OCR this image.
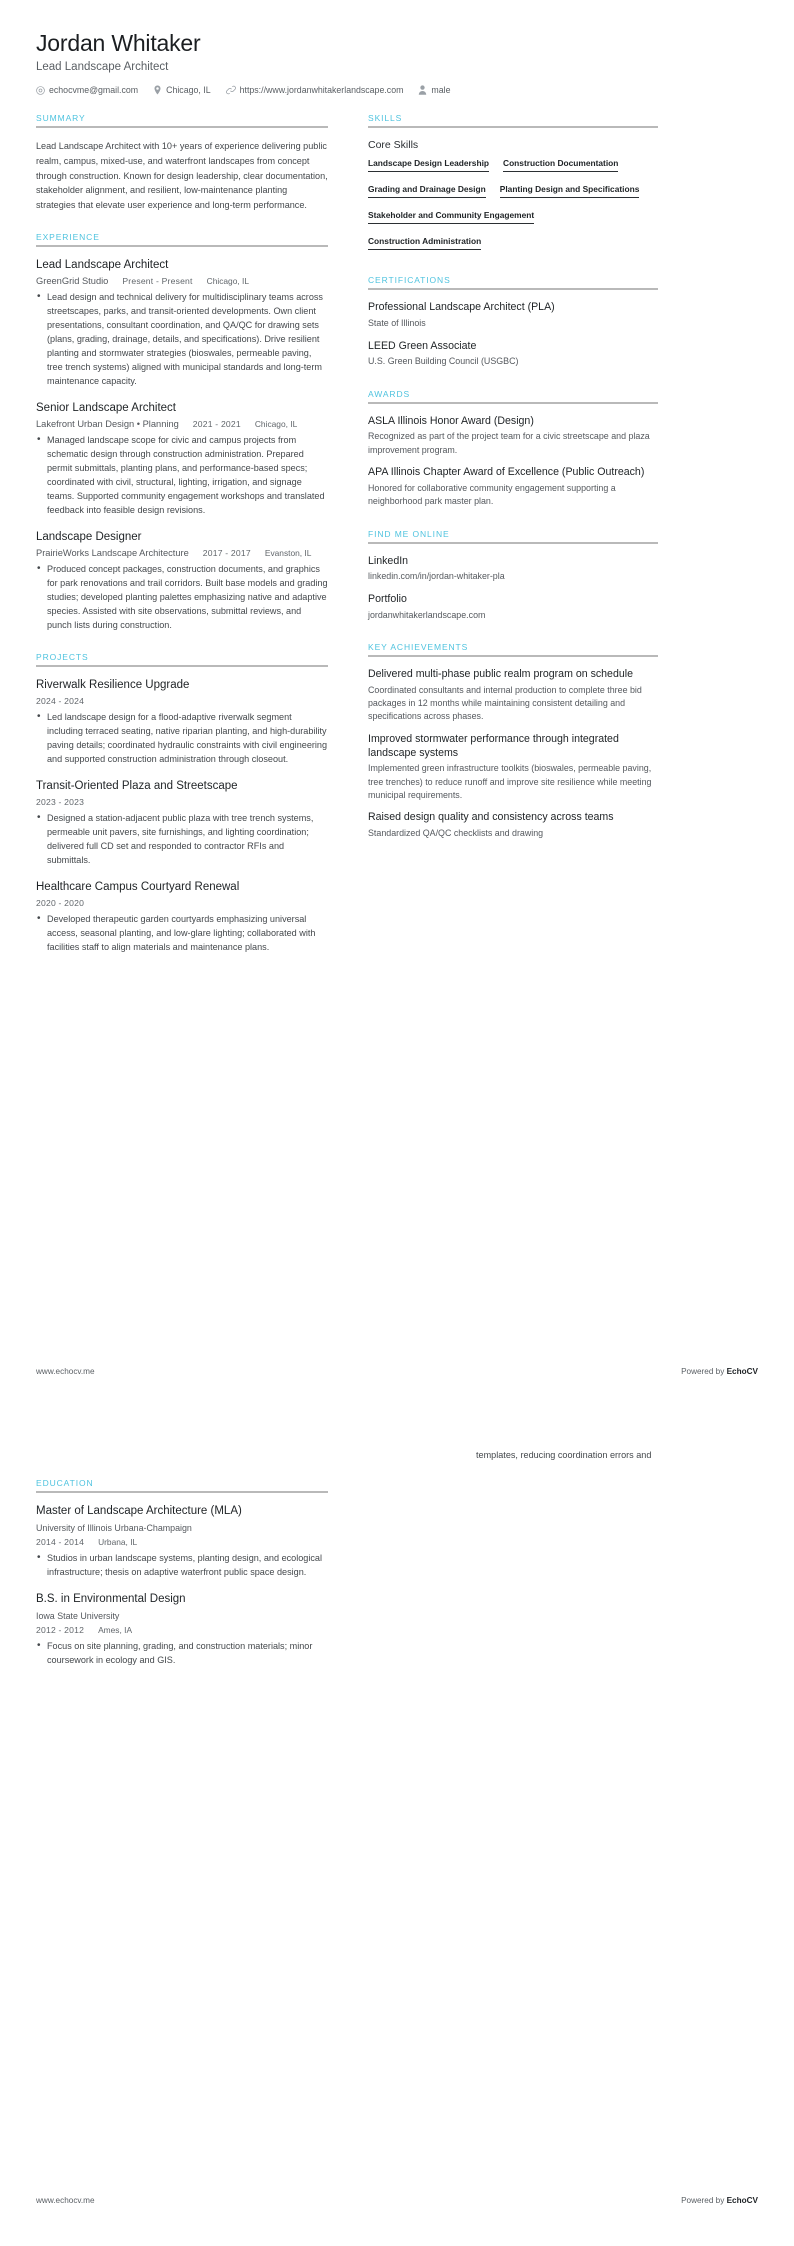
Jordan Whitaker
Lead Landscape Architect
echocvme@gmail.com	Chicago, IL	https://www.jordanwhitakerlandscape.com	male
SUMMARY
Lead Landscape Architect with 10+ years of experience delivering public realm, campus, mixed-use, and waterfront landscapes from concept through construction. Known for design leadership, clear documentation, stakeholder alignment, and resilient, low-maintenance planting strategies that elevate user experience and long-term performance.
EXPERIENCE
Lead Landscape Architect
GreenGrid Studio Present - Present Chicago, IL
• Lead design and technical delivery for multidisciplinary teams across streetscapes, parks, and transit-oriented developments. Own client presentations, consultant coordination, and QA/QC for drawing sets (plans, grading, drainage, details, and specifications). Drive resilient planting and stormwater strategies (bioswales, permeable paving, tree trench systems) aligned with municipal standards and long-term maintenance capacity.
Senior Landscape Architect
Lakefront Urban Design • Planning 2021 - 2021 Chicago, IL
• Managed landscape scope for civic and campus projects from schematic design through construction administration. Prepared permit submittals, planting plans, and performance-based specs; coordinated with civil, structural, lighting, irrigation, and signage teams. Supported community engagement workshops and translated feedback into feasible design revisions.
Landscape Designer
PrairieWorks Landscape Architecture 2017 - 2017 Evanston, IL
• Produced concept packages, construction documents, and graphics for park renovations and trail corridors. Built base models and grading studies; developed planting palettes emphasizing native and adaptive species. Assisted with site observations, submittal reviews, and punch lists during construction.
PROJECTS
Riverwalk Resilience Upgrade
2024 - 2024
• Led landscape design for a flood-adaptive riverwalk segment including terraced seating, native riparian planting, and high-durability paving details; coordinated hydraulic constraints with civil engineering and supported construction administration through closeout.
Transit-Oriented Plaza and Streetscape
2023 - 2023
• Designed a station-adjacent public plaza with tree trench systems, permeable unit pavers, site furnishings, and lighting coordination; delivered full CD set and responded to contractor RFIs and submittals.
Healthcare Campus Courtyard Renewal
2020 - 2020
• Developed therapeutic garden courtyards emphasizing universal access, seasonal planting, and low-glare lighting; collaborated with facilities staff to align materials and maintenance plans.
SKILLS
Core Skills
Landscape Design Leadership Construction Documentation
Grading and Drainage Design Planting Design and Specifications
Stakeholder and Community Engagement
Construction Administration
CERTIFICATIONS
Professional Landscape Architect (PLA)
State of Illinois
LEED Green Associate
U.S. Green Building Council (USGBC)
AWARDS
ASLA Illinois Honor Award (Design)
Recognized as part of the project team for a civic streetscape and plaza improvement program.
APA Illinois Chapter Award of Excellence (Public Outreach)
Honored for collaborative community engagement supporting a neighborhood park master plan.
FIND ME ONLINE
LinkedIn
linkedin.com/in/jordan-whitaker-pla
Portfolio
jordanwhitakerlandscape.com
KEY ACHIEVEMENTS
Delivered multi-phase public realm program on schedule
Coordinated consultants and internal production to complete three bid packages in 12 months while maintaining consistent detailing and specifications across phases.
Improved stormwater performance through integrated landscape systems
Implemented green infrastructure toolkits (bioswales, permeable paving, tree trenches) to reduce runoff and improve site resilience while meeting municipal requirements.
Raised design quality and consistency across teams
Standardized QA/QC checklists and drawing
www.echocv.me	Powered by EchoCV
templates, reducing coordination errors and
EDUCATION
Master of Landscape Architecture (MLA)
University of Illinois Urbana-Champaign
2014 - 2014 Urbana, IL
• Studios in urban landscape systems, planting design, and ecological infrastructure; thesis on adaptive waterfront public space design.
B.S. in Environmental Design
Iowa State University
2012 - 2012 Ames, IA
• Focus on site planning, grading, and construction materials; minor coursework in ecology and GIS.
www.echocv.me	Powered by EchoCV
